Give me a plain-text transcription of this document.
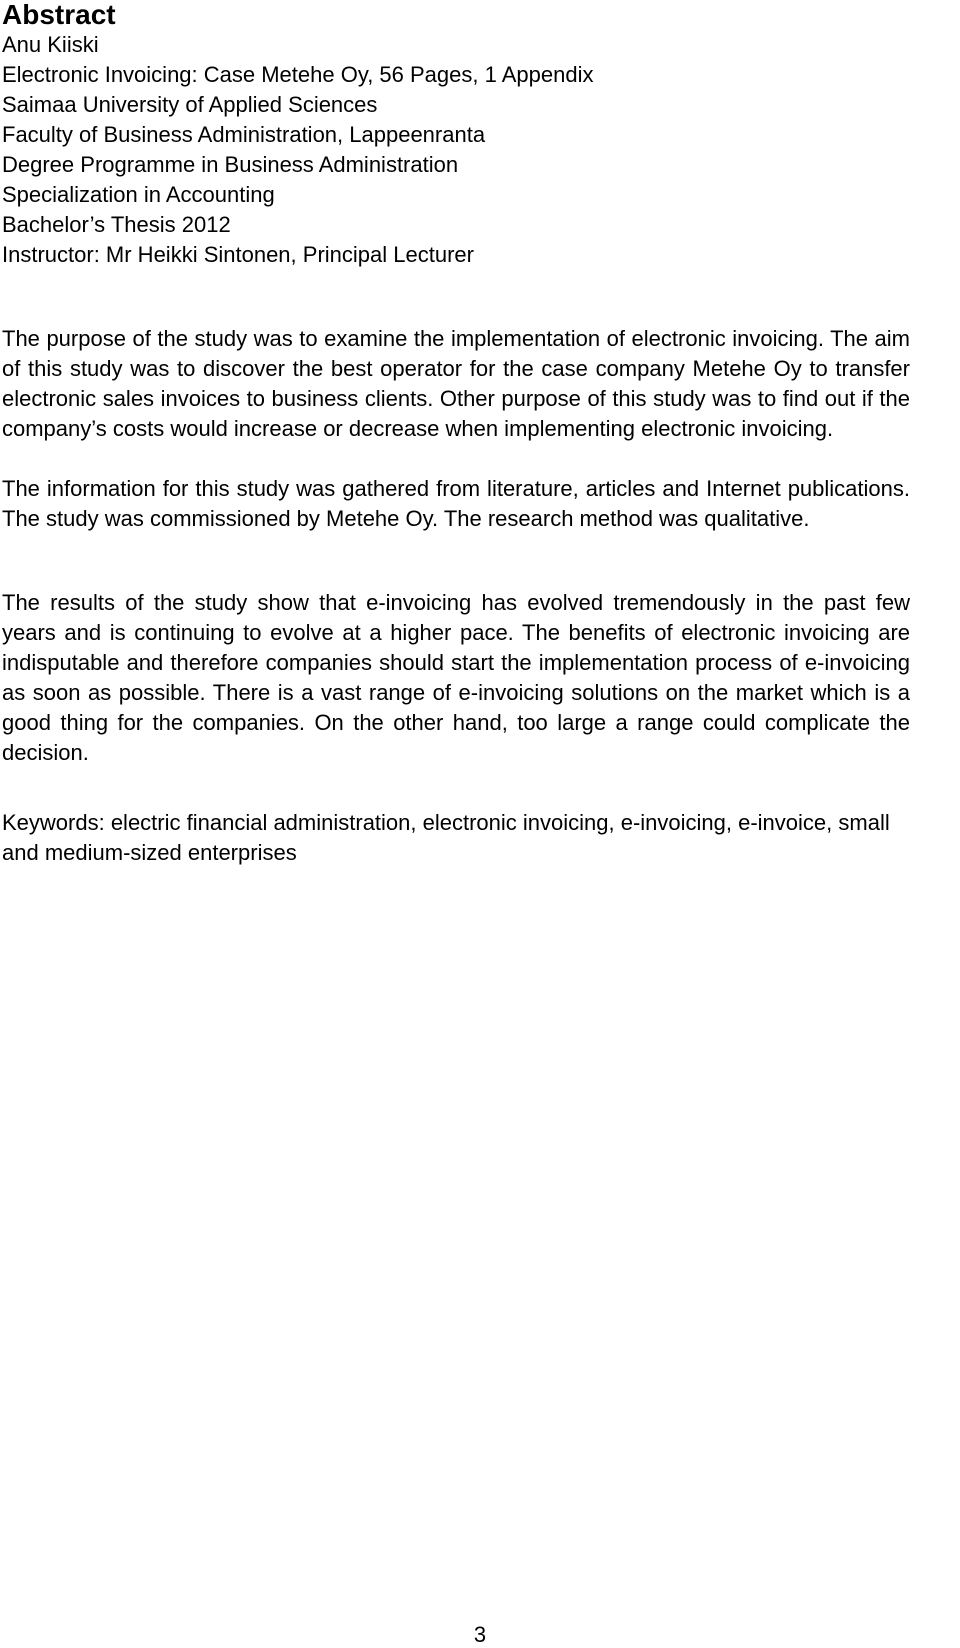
Abstract

Anu Kiiski

Electronic Invoicing: Case Metehe Oy, 56 Pages, 1 Appendix

Saimaa University of Applied Sciences

Faculty of Business Administration, Lappeenranta

Degree Programme in Business Administration

Specialization in Accounting

Bachelor’s Thesis 2012

Instructor: Mr Heikki Sintonen, Principal Lecturer

The purpose of the study was to examine the implementation of electronic invoicing. The aim of this study was to discover the best operator for the case company Metehe Oy to transfer electronic sales invoices to business clients. Other purpose of this study was to find out if the company’s costs would increase or decrease when implementing electronic invoicing.

The information for this study was gathered from literature, articles and Internet publications. The study was commissioned by Metehe Oy. The research method was qualitative.

The results of the study show that e-invoicing has evolved tremendously in the past few years and is continuing to evolve at a higher pace. The benefits of electronic invoicing are indisputable and therefore companies should start the implementation process of e-invoicing as soon as possible. There is a vast range of e-invoicing solutions on the market which is a good thing for the companies. On the other hand, too large a range could complicate the decision.

Keywords: electric financial administration, electronic invoicing, e-invoicing, e-invoice, small and medium-sized enterprises

3
